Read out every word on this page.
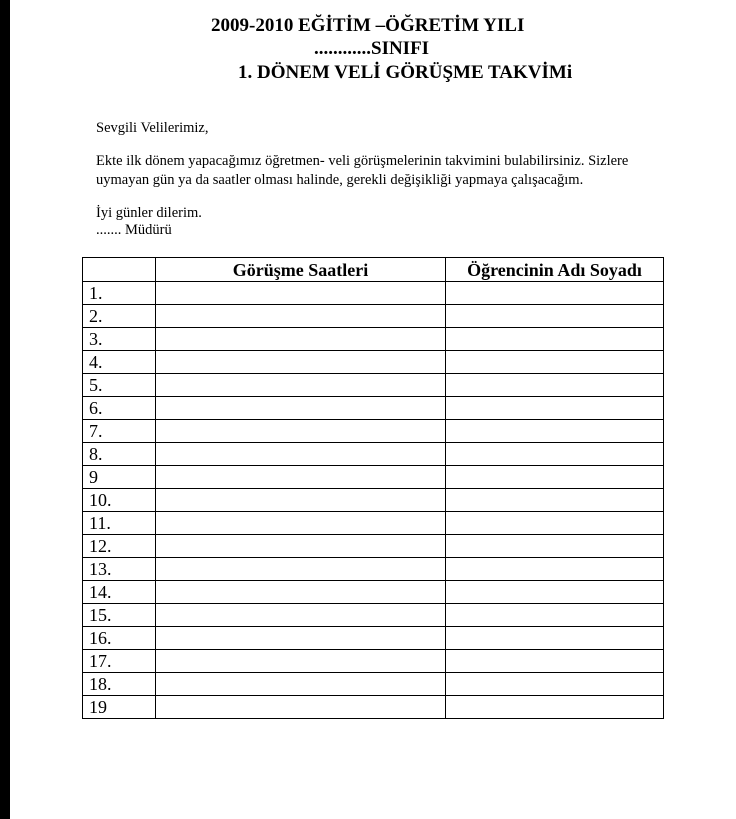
2009-2010 EĞİTİM –ÖĞRETİM YILI
............SINIFI
1. DÖNEM VELİ GÖRÜŞME TAKVİMi
Sevgili Velilerimiz,
Ekte ilk dönem yapacağımız öğretmen- veli görüşmelerinin takvimini bulabilirsiniz. Sizlere
uymayan gün ya da saatler olması halinde, gerekli değişikliği yapmaya çalışacağım.
İyi günler dilerim.
....... Müdürü
	Görüşme Saatleri	Öğrencinin Adı Soyadı
1.		
2.		
3.		
4.		
5.		
6.		
7.		
8.		
9		
10.		
11.		
12.		
13.		
14.		
15.		
16.		
17.		
18.		
19		
